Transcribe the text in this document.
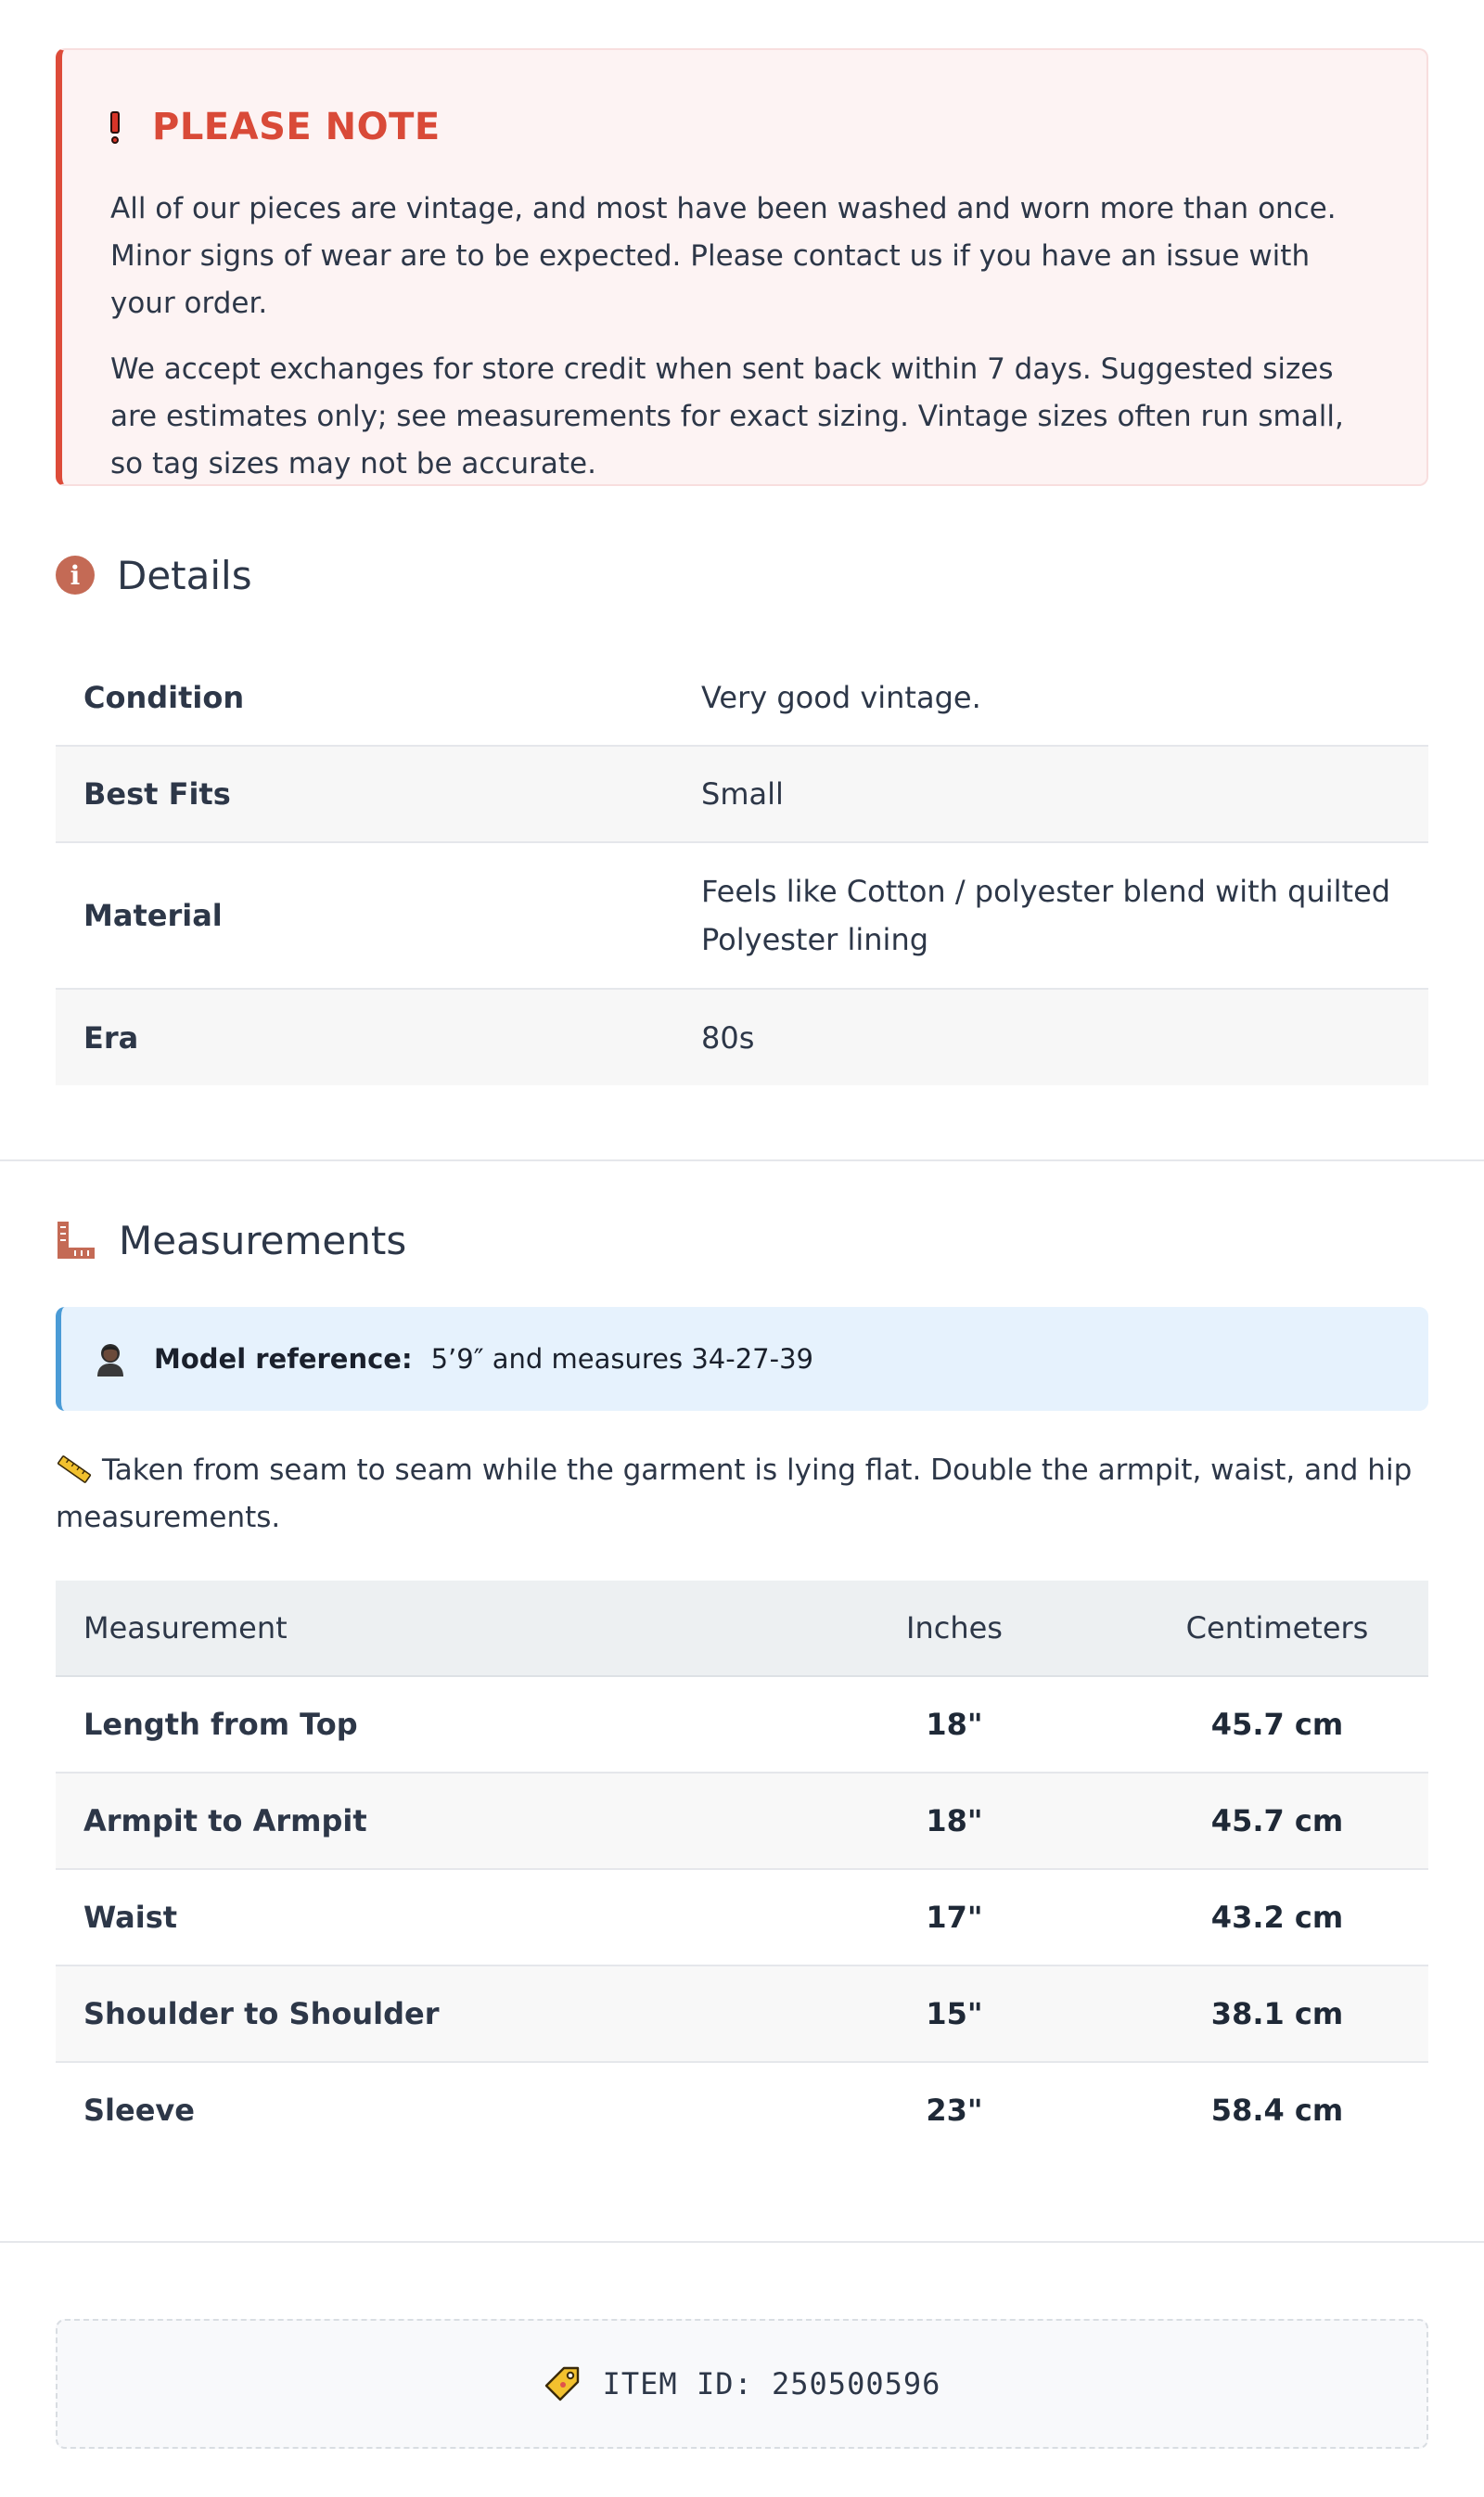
PLEASE NOTE

All of our pieces are vintage, and most have been washed and worn more than once. Minor signs of wear are to be expected. Please contact us if you have an issue with your order.

We accept exchanges for store credit when sent back within 7 days. Suggested sizes are estimates only; see measurements for exact sizing. Vintage sizes often run small, so tag sizes may not be accurate.

i Details
Condition	Very good vintage.
Best Fits	Small
Material	Feels like Cotton / polyester blend with quilted Polyester lining
Era	80s
Measurements
Model reference: 5’9″ and measures 34-27-39
Taken from seam to seam while the garment is lying flat. Double the armpit, waist, and hip measurements.
Measurement	Inches	Centimeters
Length from Top	18"	45.7 cm
Armpit to Armpit	18"	45.7 cm
Waist	17"	43.2 cm
Shoulder to Shoulder	15"	38.1 cm
Sleeve	23"	58.4 cm
ITEM ID: 250500596
